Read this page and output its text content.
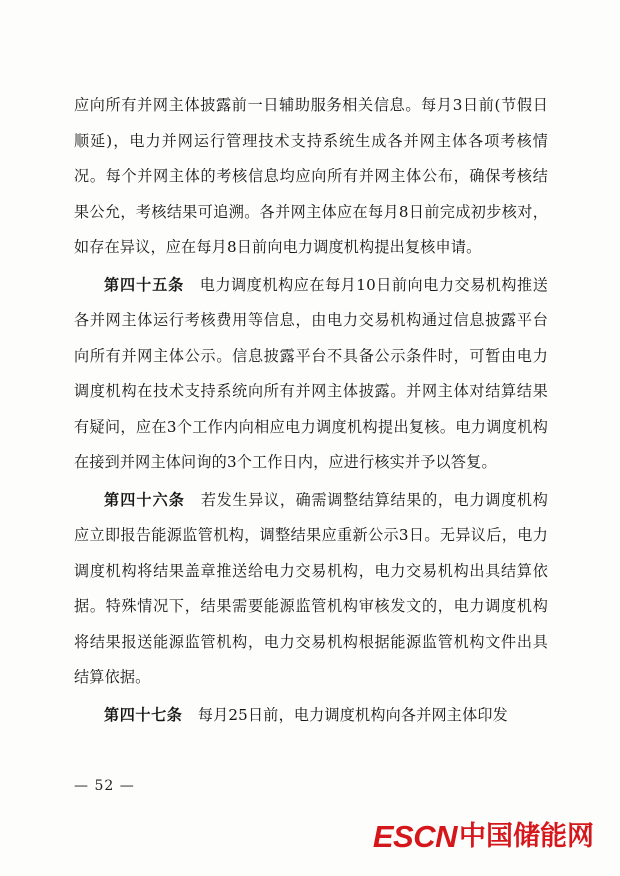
应向所有并网主体披露前一日辅助服务相关信息。每月3日前(节假日顺延)，电力并网运行管理技术支持系统生成各并网主体各项考核情况。每个并网主体的考核信息均应向所有并网主体公布，确保考核结果公允，考核结果可追溯。各并网主体应在每月8日前完成初步核对，如存在异议，应在每月8日前向电力调度机构提出复核申请。

第四十五条　 电力调度机构应在每月10日前向电力交易机构推送各并网主体运行考核费用等信息，由电力交易机构通过信息披露平台向所有并网主体公示。信息披露平台不具备公示条件时，可暂由电力调度机构在技术支持系统向所有并网主体披露。并网主体对结算结果有疑问，应在3个工作内向相应电力调度机构提出复核。电力调度机构在接到并网主体问询的3个工作日内，应进行核实并予以答复。

第四十六条　 若发生异议，确需调整结算结果的，电力调度机构应立即报告能源监管机构，调整结果应重新公示3日。无异议后，电力调度机构将结果盖章推送给电力交易机构，电力交易机构出具结算依据。特殊情况下，结果需要能源监管机构审核发文的，电力调度机构将结果报送能源监管机构，电力交易机构根据能源监管机构文件出具结算依据。

第四十七条　 每月25日前，电力调度机构向各并网主体印发

— 52 —
ESCN 中国储能网
